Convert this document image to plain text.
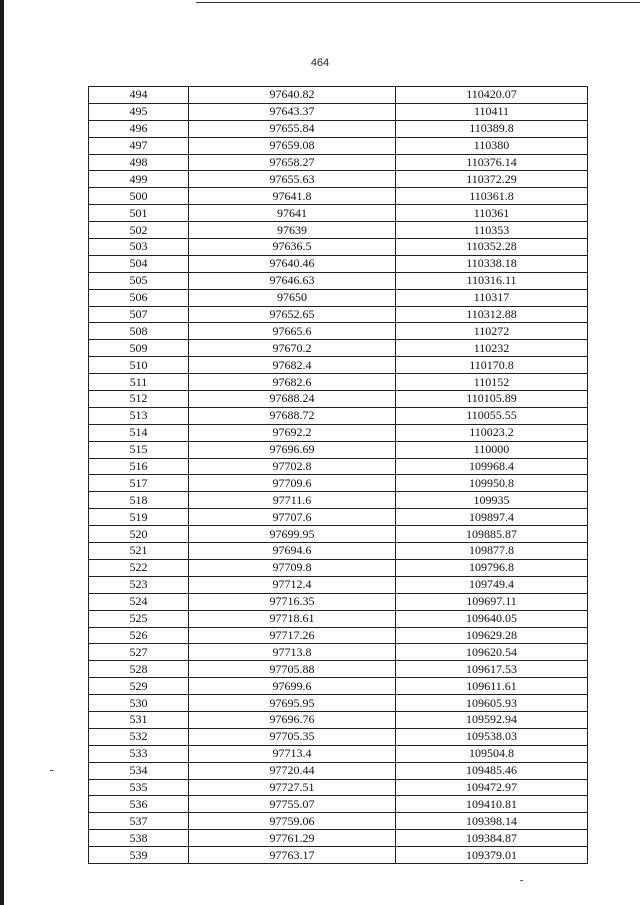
464
494	97640.82	110420.07
495	97643.37	110411
496	97655.84	110389.8
497	97659.08	110380
498	97658.27	110376.14
499	97655.63	110372.29
500	97641.8	110361.8
501	97641	110361
502	97639	110353
503	97636.5	110352.28
504	97640.46	110338.18
505	97646.63	110316.11
506	97650	110317
507	97652.65	110312.88
508	97665.6	110272
509	97670.2	110232
510	97682.4	110170.8
511	97682.6	110152
512	97688.24	110105.89
513	97688.72	110055.55
514	97692.2	110023.2
515	97696.69	110000
516	97702.8	109968.4
517	97709.6	109950.8
518	97711.6	109935
519	97707.6	109897.4
520	97699.95	109885.87
521	97694.6	109877.8
522	97709.8	109796.8
523	97712.4	109749.4
524	97716.35	109697.11
525	97718.61	109640.05
526	97717.26	109629.28
527	97713.8	109620.54
528	97705.88	109617.53
529	97699.6	109611.61
530	97695.95	109605.93
531	97696.76	109592.94
532	97705.35	109538.03
533	97713.4	109504.8
534	97720.44	109485.46
535	97727.51	109472.97
536	97755.07	109410.81
537	97759.06	109398.14
538	97761.29	109384.87
539	97763.17	109379.01
